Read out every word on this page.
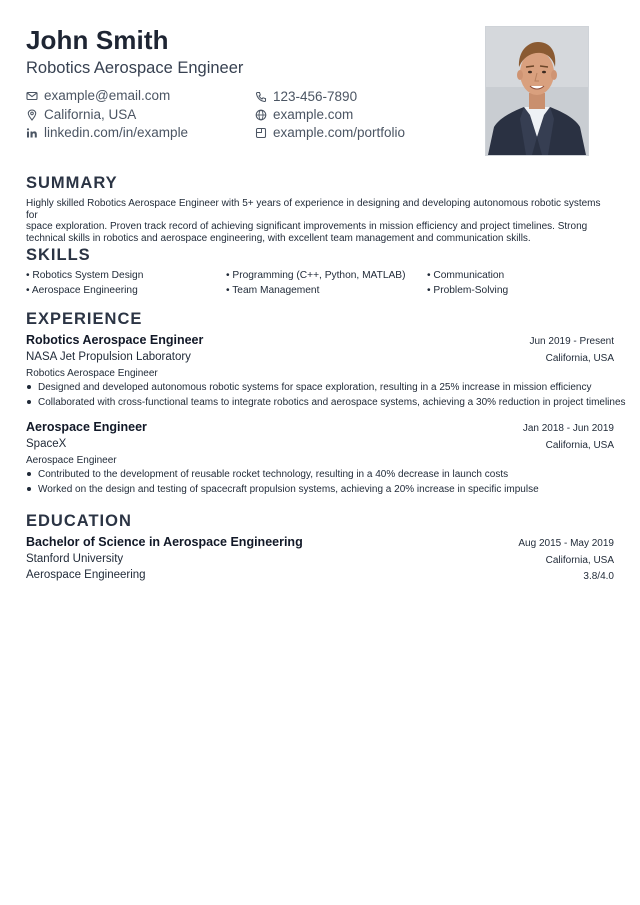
John Smith
Robotics Aerospace Engineer
example@email.com	123-456-7890
California, USA	example.com
linkedin.com/in/example	example.com/portfolio
SUMMARY
Highly skilled Robotics Aerospace Engineer with 5+ years of experience in designing and developing autonomous robotic systems for
space exploration. Proven track record of achieving significant improvements in mission efficiency and project timelines. Strong
technical skills in robotics and aerospace engineering, with excellent team management and communication skills.
SKILLS
• Robotics System Design	• Programming (C++, Python, MATLAB) • Communication
• Aerospace Engineering	• Team Management	• Problem-Solving
EXPERIENCE
Robotics Aerospace Engineer	Jun 2019 - Present
NASA Jet Propulsion Laboratory	California, USA
Robotics Aerospace Engineer
Designed and developed autonomous robotic systems for space exploration, resulting in a 25% increase in mission efficiency
Collaborated with cross-functional teams to integrate robotics and aerospace systems, achieving a 30% reduction in project timelines
Aerospace Engineer	Jan 2018 - Jun 2019
SpaceX	California, USA
Aerospace Engineer
Contributed to the development of reusable rocket technology, resulting in a 40% decrease in launch costs
Worked on the design and testing of spacecraft propulsion systems, achieving a 20% increase in specific impulse
EDUCATION
Bachelor of Science in Aerospace Engineering	Aug 2015 - May 2019
Stanford University	California, USA
Aerospace Engineering	3.8/4.0
